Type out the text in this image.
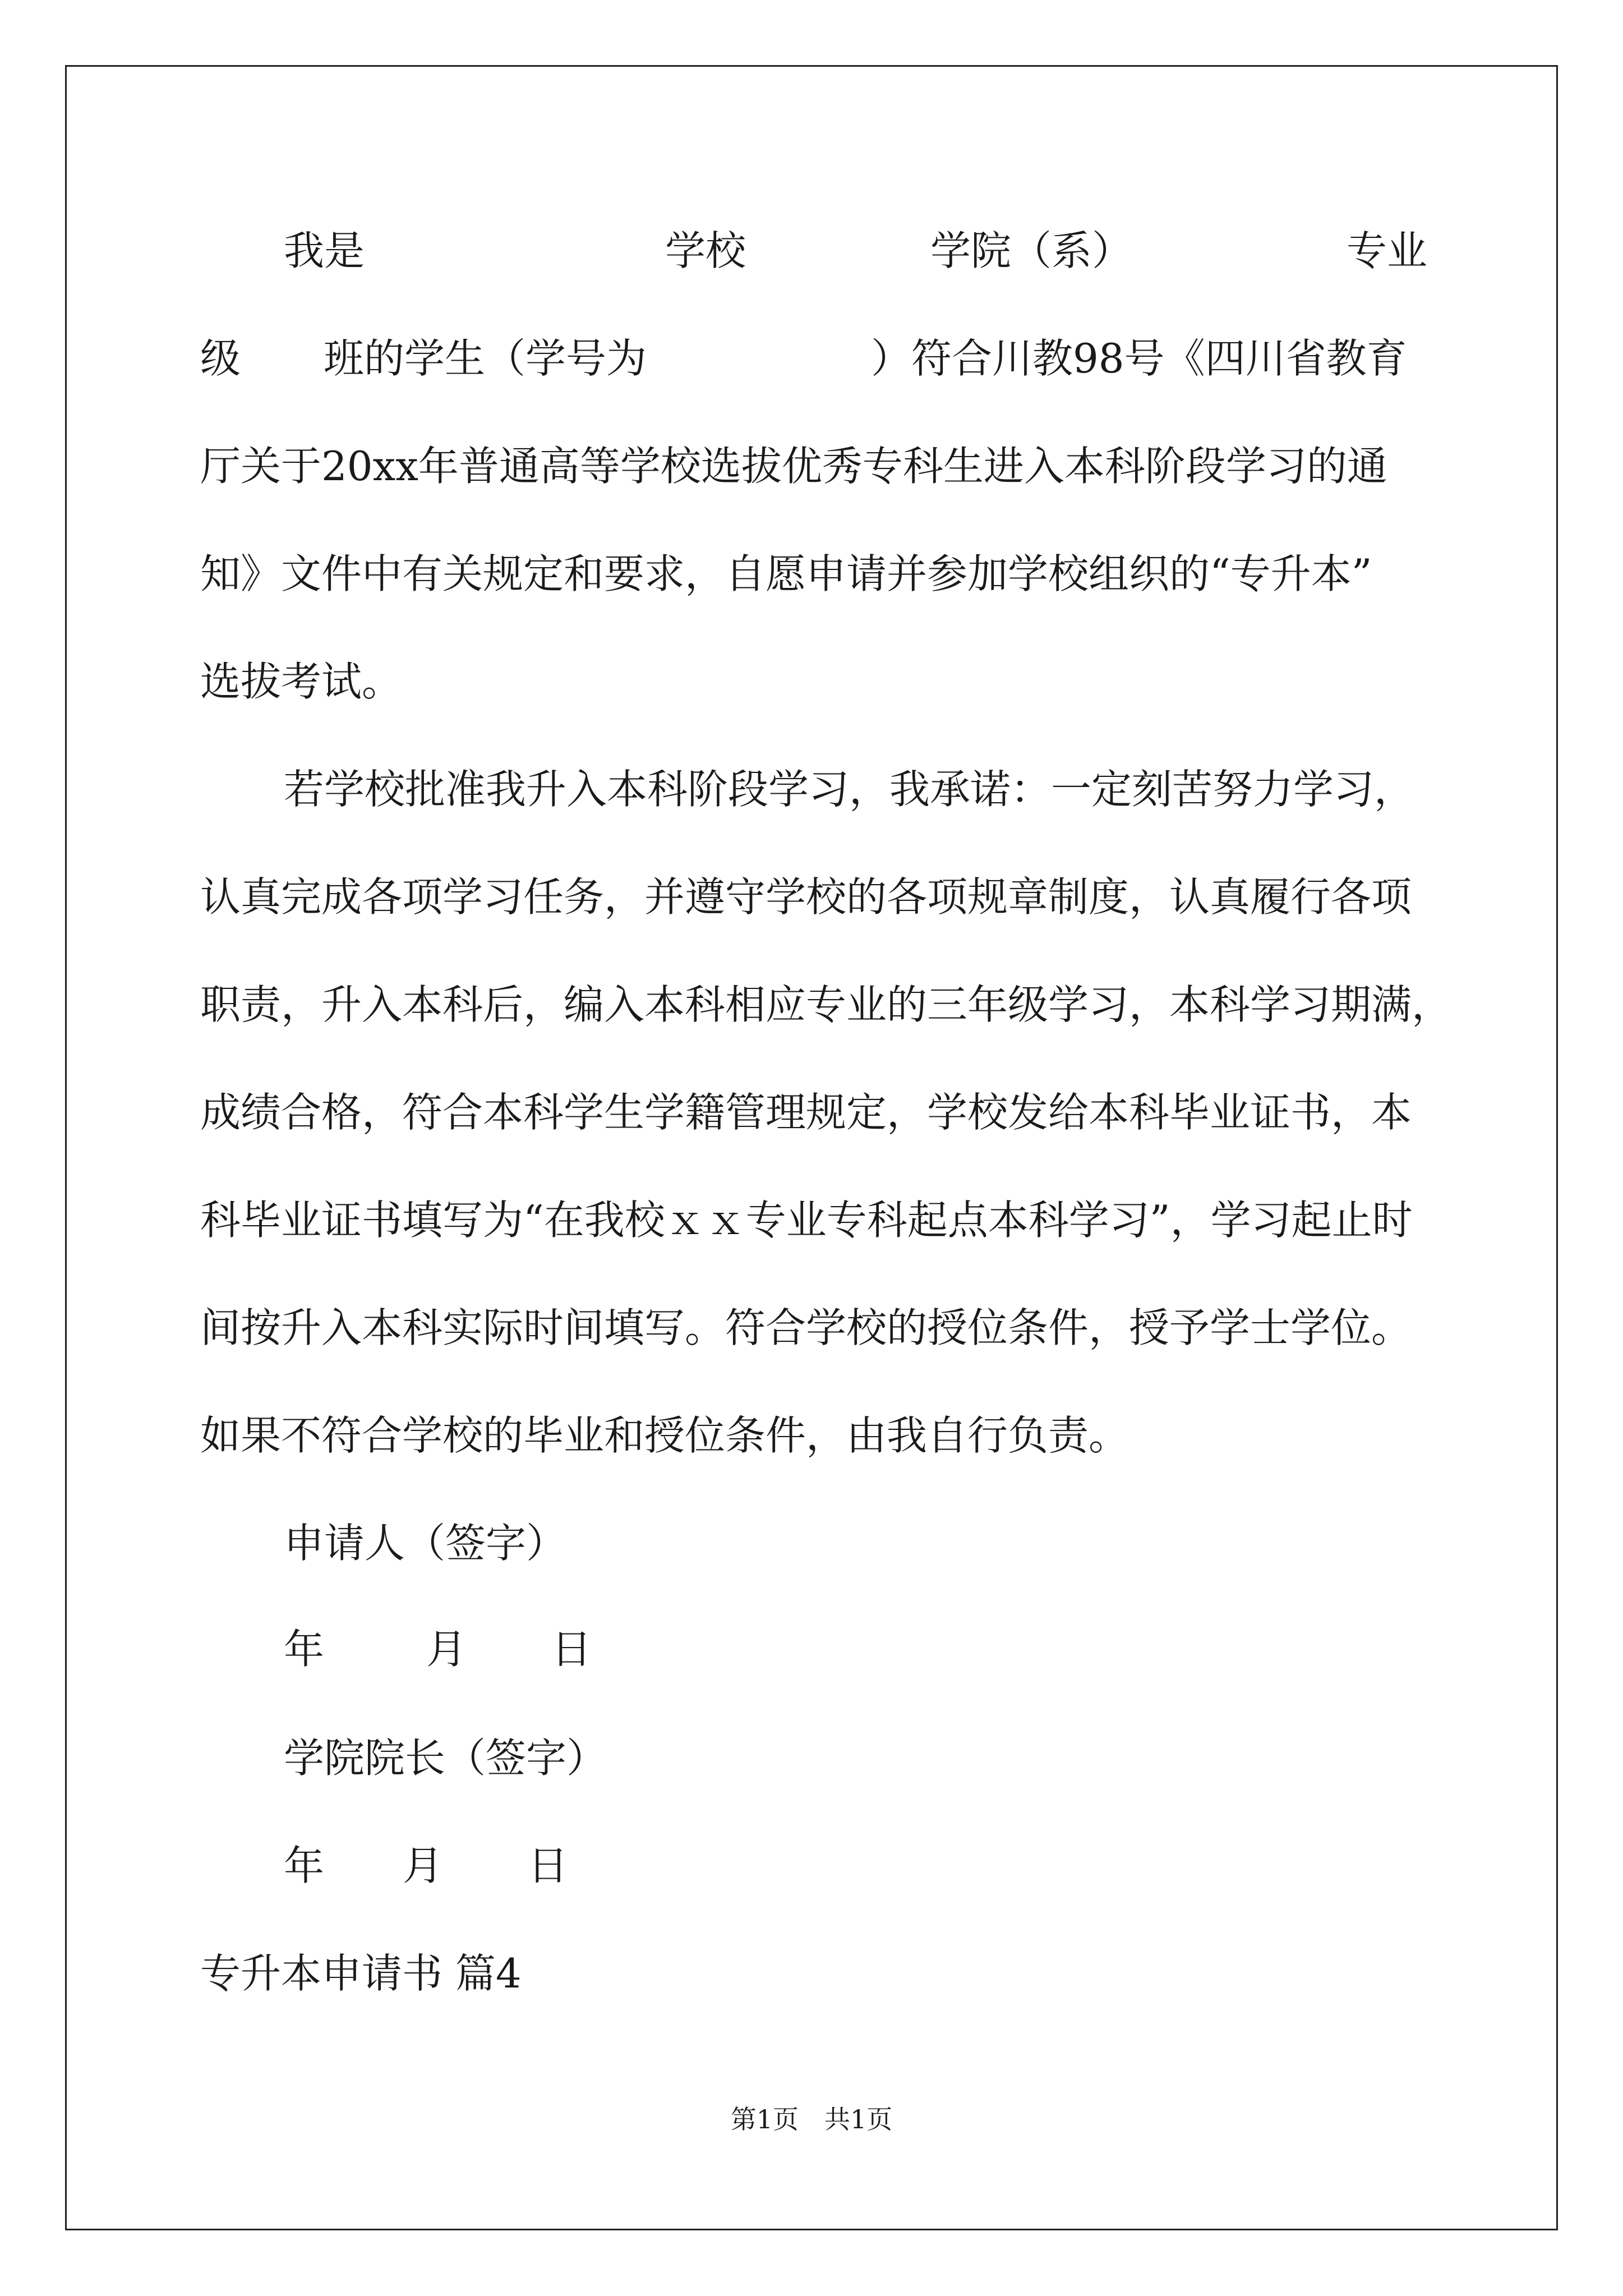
我是	学校	学院（系）	专业
级 班的学生（学号为	）符合川教98号《四川省教育
厅关于20xx年普通高等学校选拔优秀专科生进入本科阶段学习的通
知》文件中有关规定和要求，自愿申请并参加学校组织的“专升本”
选拔考试。
若学校批准我升入本科阶段学习，我承诺：一定刻苦努力学习，
认真完成各项学习任务，并遵守学校的各项规章制度，认真履行各项
职责，升入本科后，编入本科相应专业的三年级学习，本科学习期满，
成绩合格，符合本科学生学籍管理规定，学校发给本科毕业证书，本
科毕业证书填写为“在我校ｘｘ专业专科起点本科学习”，学习起止时
间按升入本科实际时间填写。符合学校的授位条件，授予学士学位。
如果不符合学校的毕业和授位条件，由我自行负责。
申请人（签字）
年	月 日
学院院长（签字）
年 月 日
专升本申请书 篇4
第1页　共1页
